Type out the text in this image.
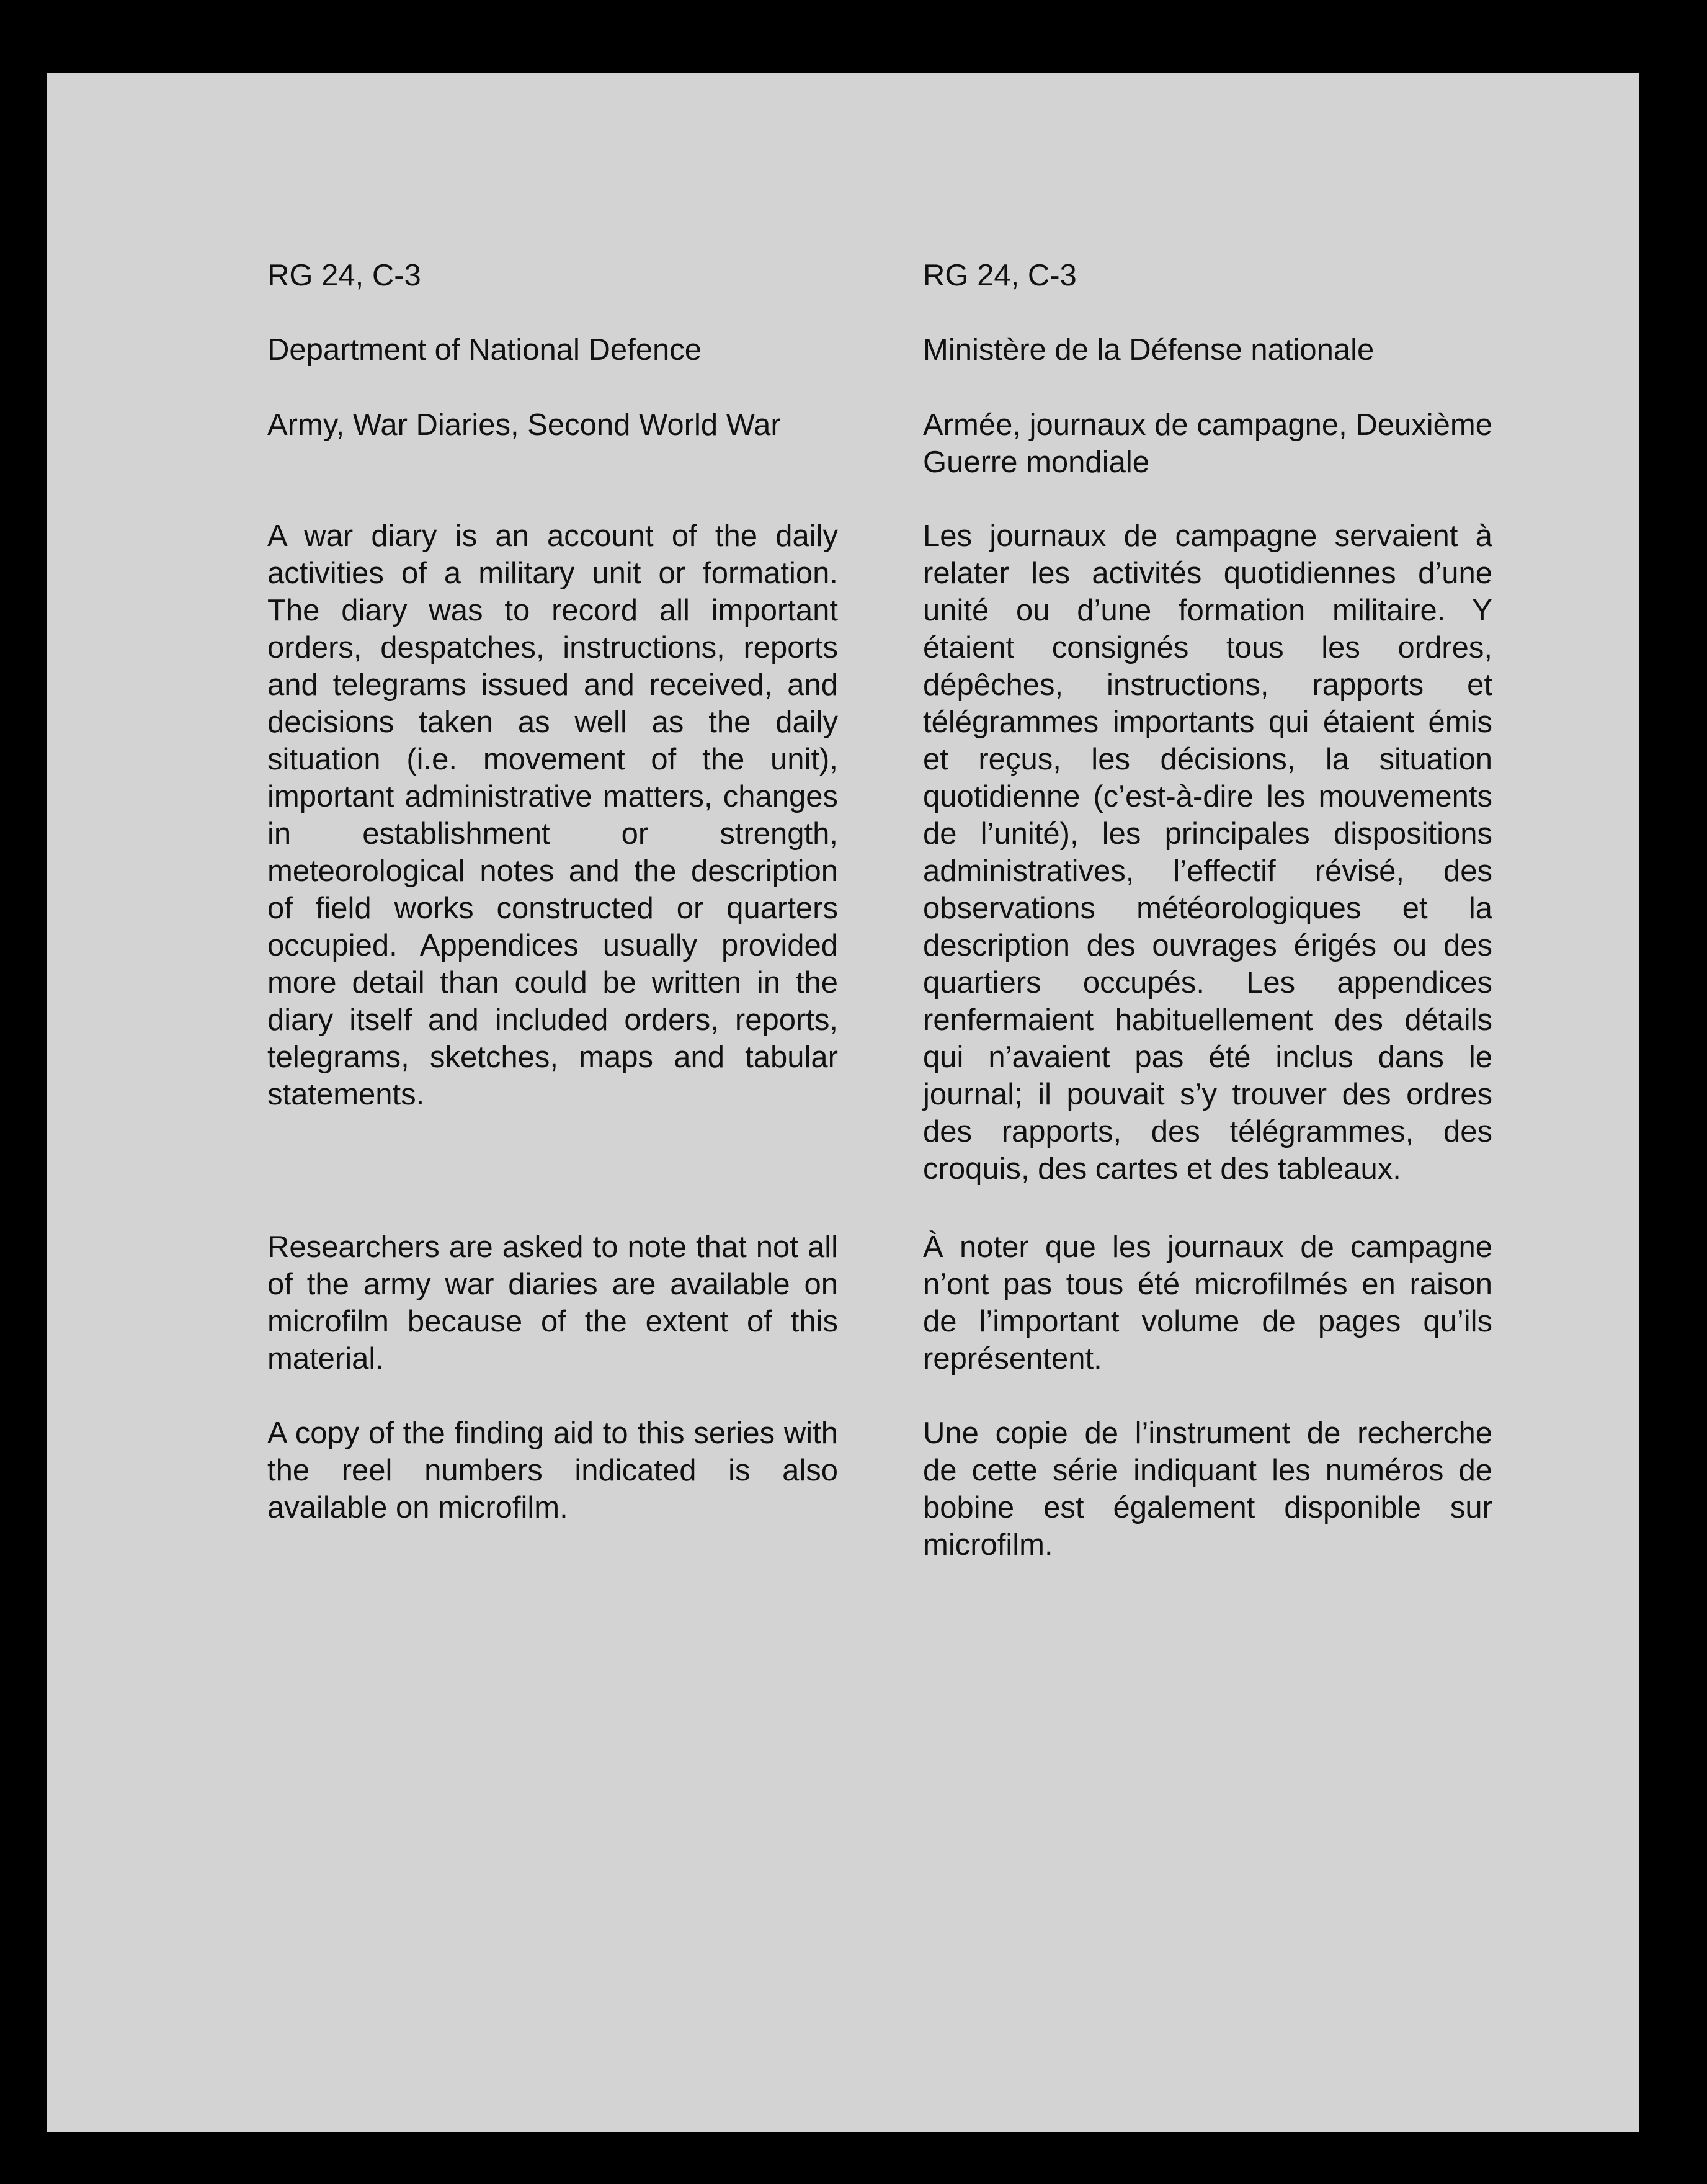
RG 24, C-3

Department of National Defence

Army, War Diaries, Second World War

A war diary is an account of the daily activities of a military unit or formation. The diary was to record all important orders, despatches, instructions, reports and telegrams issued and received, and decisions taken as well as the daily situation (i.e. movement of the unit), important administrative matters, changes in establishment or strength, meteorological notes and the description of field works constructed or quarters occupied. Appendices usually provided more detail than could be written in the diary itself and included orders, reports, telegrams, sketches, maps and tabular statements.

Researchers are asked to note that not all of the army war diaries are available on microfilm because of the extent of this material.

A copy of the finding aid to this series with the reel numbers indicated is also available on microfilm.

RG 24, C-3

Ministère de la Défense nationale

Armée, journaux de campagne, Deuxième Guerre mondiale

Les journaux de campagne servaient à relater les activités quotidiennes d’une unité ou d’une formation militaire. Y étaient consignés tous les ordres, dépêches, instructions, rapports et télégrammes importants qui étaient émis et reçus, les décisions, la situation quotidienne (c’est-à-dire les mouvements de l’unité), les principales dispositions administratives, l’effectif révisé, des observations météorologiques et la description des ouvrages érigés ou des quartiers occupés. Les appendices renfermaient habituellement des détails qui n’avaient pas été inclus dans le journal; il pouvait s’y trouver des ordres des rapports, des télégrammes, des croquis, des cartes et des tableaux.

À noter que les journaux de campagne n’ont pas tous été microfilmés en raison de l’important volume de pages qu’ils représentent.

Une copie de l’instrument de recherche de cette série indiquant les numéros de bobine est également disponible sur microfilm.
